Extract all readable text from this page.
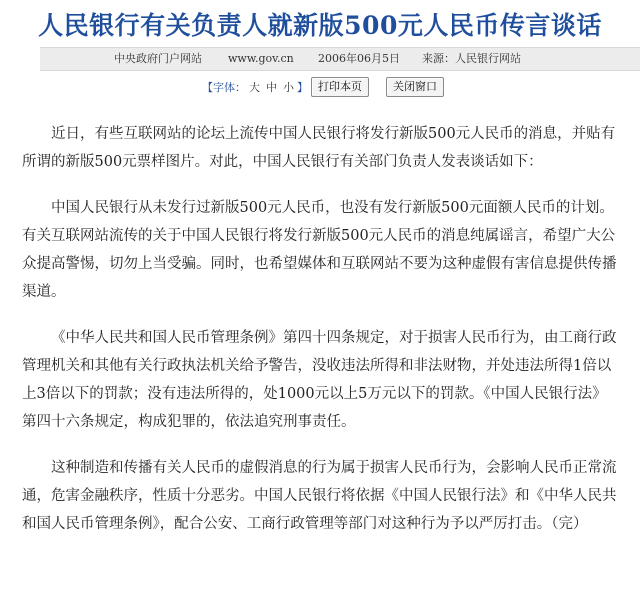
人民银行有关负责人就新版500元人民币传言谈话
中央政府门户网站 www.gov.cn 2006年06月5日 来源：人民银行网站
【字体： 大 中 小 】 打印本页	关闭窗口

近日，有些互联网站的论坛上流传中国人民银行将发行新版500元人民币的消息，并贴有所谓的新版500元票样图片。对此，中国人民银行有关部门负责人发表谈话如下：

中国人民银行从未发行过新版500元人民币，也没有发行新版500元面额人民币的计划。有关互联网站流传的关于中国人民银行将发行新版500元人民币的消息纯属谣言，希望广大公众提高警惕，切勿上当受骗。同时，也希望媒体和互联网站不要为这种虚假有害信息提供传播渠道。

《中华人民共和国人民币管理条例》第四十四条规定，对于损害人民币行为，由工商行政管理机关和其他有关行政执法机关给予警告，没收违法所得和非法财物，并处违法所得1倍以上3倍以下的罚款；没有违法所得的，处1000元以上5万元以下的罚款。《中国人民银行法》第四十六条规定，构成犯罪的，依法追究刑事责任。

这种制造和传播有关人民币的虚假消息的行为属于损害人民币行为，会影响人民币正常流通，危害金融秩序，性质十分恶劣。中国人民银行将依据《中国人民银行法》和《中华人民共和国人民币管理条例》，配合公安、工商行政管理等部门对这种行为予以严厉打击。（完）
